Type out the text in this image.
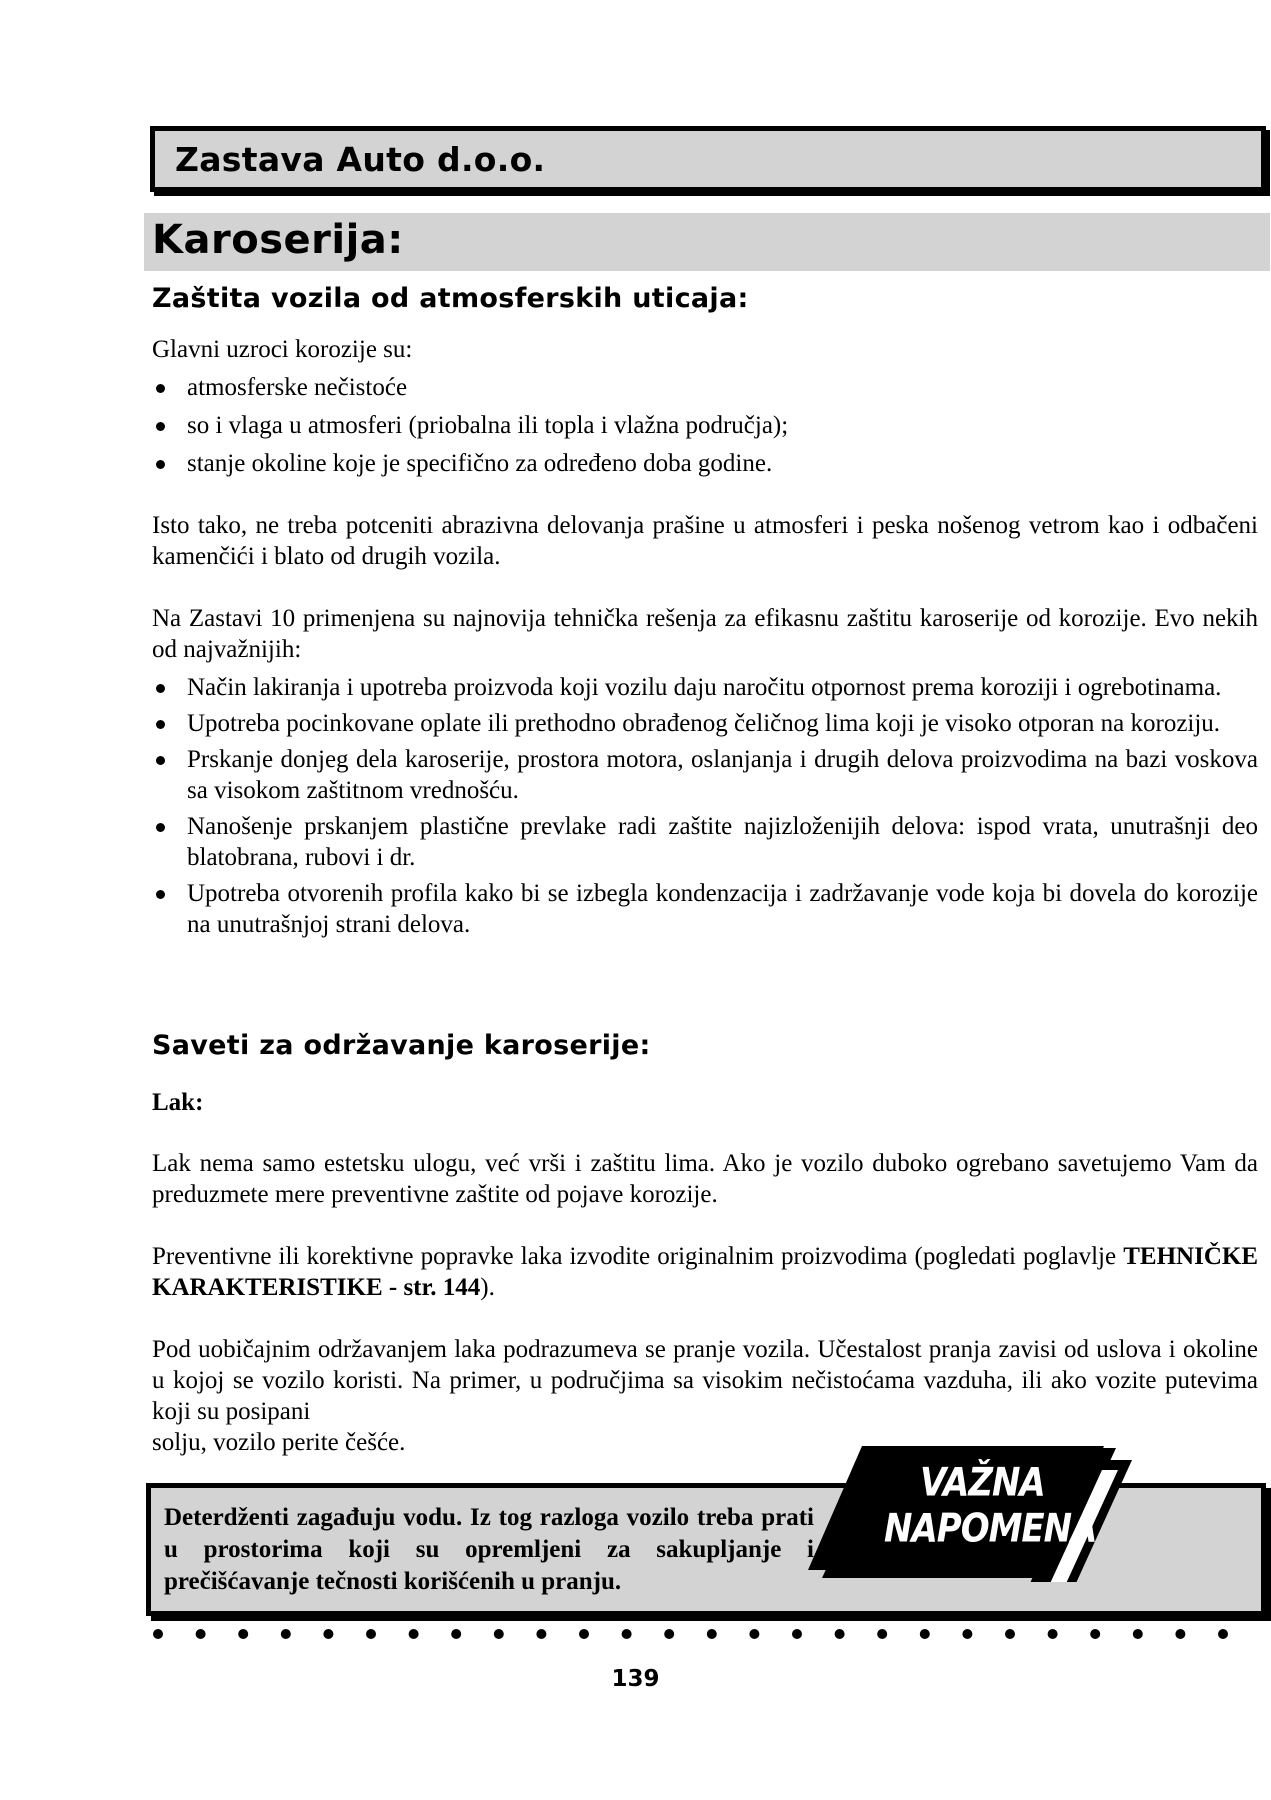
Zastava Auto d.o.o.
Karoserija:
Zaštita vozila od atmosferskih uticaja:

Glavni uzroci korozije su:

atmosferske nečistoće
so i vlaga u atmosferi (priobalna ili topla i vlažna područja);
stanje okoline koje je specifično za određeno doba godine.

Isto tako, ne treba potceniti abrazivna delovanja prašine u atmosferi i peska nošenog vetrom kao i odbačeni kamenčići i blato od drugih vozila.

Na Zastavi 10 primenjena su najnovija tehnička rešenja za efikasnu zaštitu karoserije od korozije. Evo nekih od najvažnijih:

Način lakiranja i upotreba proizvoda koji vozilu daju naročitu otpornost prema koroziji i ogrebotinama.
Upotreba pocinkovane oplate ili prethodno obrađenog čeličnog lima koji je visoko otporan na koroziju.
Prskanje donjeg dela karoserije, prostora motora, oslanjanja i drugih delova proizvodima na bazi voskova sa visokom zaštitnom vrednošću.
Nanošenje prskanjem plastične prevlake radi zaštite najizloženijih delova: ispod vrata, unutrašnji deo blatobrana, rubovi i dr.
Upotreba otvorenih profila kako bi se izbegla kondenzacija i zadržavanje vode koja bi dovela do korozije na unutrašnjoj strani delova.
Saveti za održavanje karoserije:
Lak:

Lak nema samo estetsku ulogu, već vrši i zaštitu lima. Ako je vozilo duboko ogrebano savetujemo Vam da preduzmete mere preventivne zaštite od pojave korozije.

Preventivne ili korektivne popravke laka izvodite originalnim proizvodima (pogledati poglavlje TEHNIČKE KARAKTERISTIKE - str. 144).

Pod uobičajnim održavanjem laka podrazumeva se pranje vozila. Učestalost pranja zavisi od uslova i okoline u kojoj se vozilo koristi. Na primer, u područjima sa visokim nečistoćama vazduha, ili ako vozite putevima koji su posipani

solju, vozilo perite češće.

Deterdženti zagađuju vodu. Iz tog razloga vozilo treba prati u prostorima koji su opremljeni za sakupljanje i prečišćavanje tečnosti korišćenih u pranju.
VAŽNA
NAPOMENA
139
